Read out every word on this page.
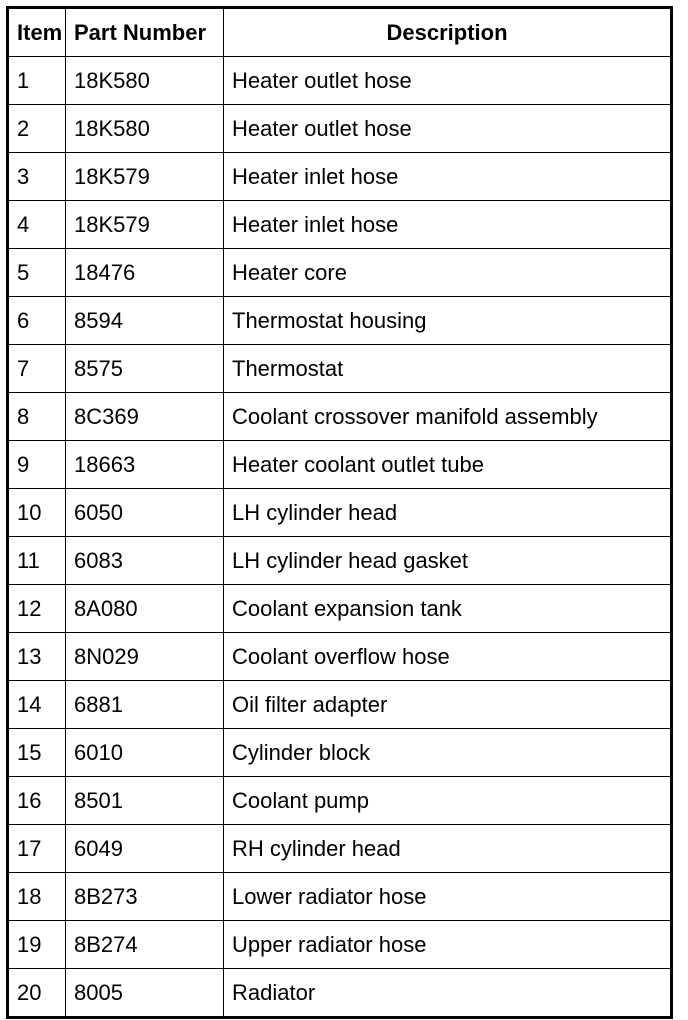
Item	Part Number	Description
1	18K580	Heater outlet hose
2	18K580	Heater outlet hose
3	18K579	Heater inlet hose
4	18K579	Heater inlet hose
5	18476	Heater core
6	8594	Thermostat housing
7	8575	Thermostat
8	8C369	Coolant crossover manifold assembly
9	18663	Heater coolant outlet tube
10	6050	LH cylinder head
11	6083	LH cylinder head gasket
12	8A080	Coolant expansion tank
13	8N029	Coolant overflow hose
14	6881	Oil filter adapter
15	6010	Cylinder block
16	8501	Coolant pump
17	6049	RH cylinder head
18	8B273	Lower radiator hose
19	8B274	Upper radiator hose
20	8005	Radiator
